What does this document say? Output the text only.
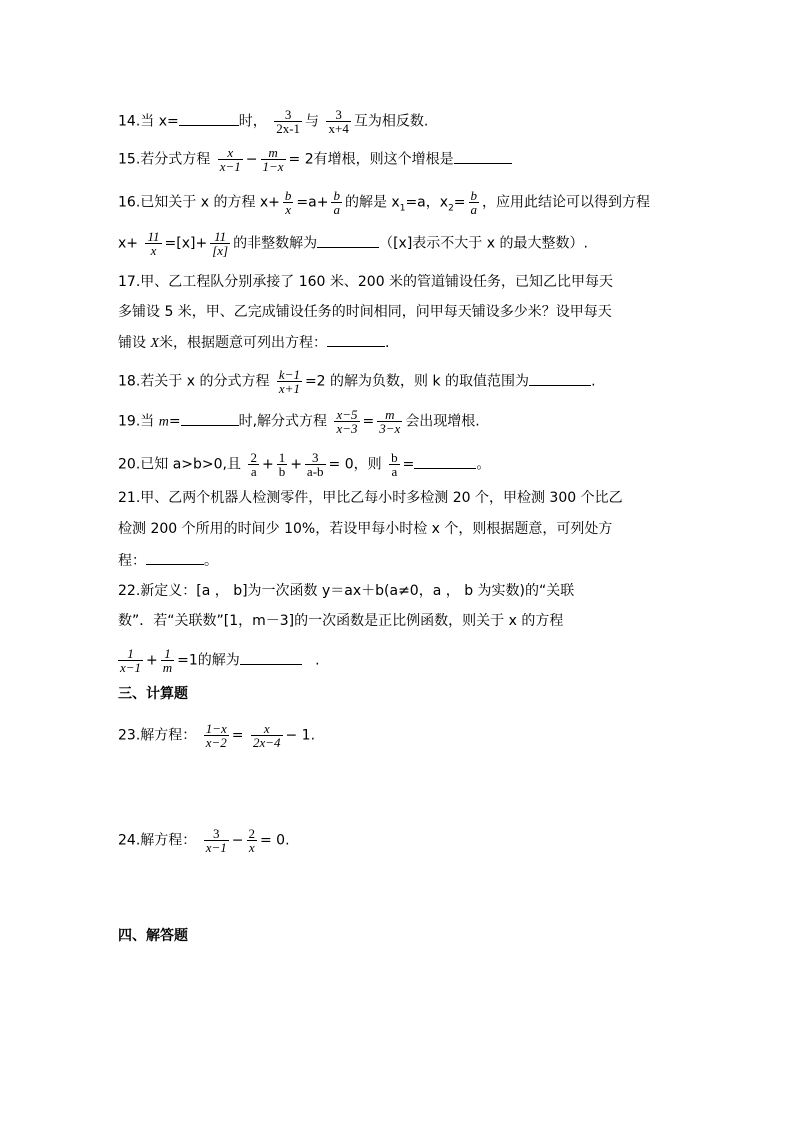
14.当 x=	时， $\frac{3}{2x-1}$ 与 $\frac{3}{x+4}$ 互为相反数.
15.若分式方程 $\frac{x}{x-1} - \frac{m}{1-x} = 2$有增根，则这个增根是
16.已知关于 x 的方程 $x+ \frac{b}{x} =a+ \frac{b}{a}$ 的解是 $x_1=a$，$x_2= \frac{b}{a}$ ，应用此结论可以得到方程
$x+ \frac{11}{x} =[x]+ \frac{11}{[x]}$ 的非整数解为	（[x]表示不大于 x 的最大整数）.
17.甲、乙工程队分别承接了 160 米、200 米的管道铺设任务，已知乙比甲每天
多铺设 5 米，甲、乙完成铺设任务的时间相同，问甲每天铺设多少米？设甲每天
铺设 X米，根据题意可列出方程：	.
18.若关于 x 的分式方程 $\frac{k-1}{x+1} =2$ 的解为负数，则 k 的取值范围为	.
19.当 m=	时,解分式方程 $\frac{x-5}{x-3} = \frac{m}{3-x}$ 会出现增根.
20.已知 a>b>0,且 $\frac{2}{a} + \frac{1}{b} + \frac{3}{a-b} = 0$，则 $\frac{b}{a}$ =	。
21.甲、乙两个机器人检测零件，甲比乙每小时多检测 20 个，甲检测 300 个比乙
检测 200 个所用的时间少 10%，若设甲每小时检 x 个，则根据题意，可列处方
程：	。
22.新定义：[a ， b]为一次函数 y＝ax＋b(a≠0，a ， b 为实数)的“关联
数”．若“关联数”[1，m－3]的一次函数是正比例函数，则关于 x 的方程
$\frac{1}{x-1} + \frac{1}{m} =1$的解为	.
三、计算题
23.解方程： $\frac{1-x}{x-2} = \frac{x}{2x-4} - 1$.
24.解方程： $\frac{3}{x-1} - \frac{2}{x} = 0$.
四、解答题
